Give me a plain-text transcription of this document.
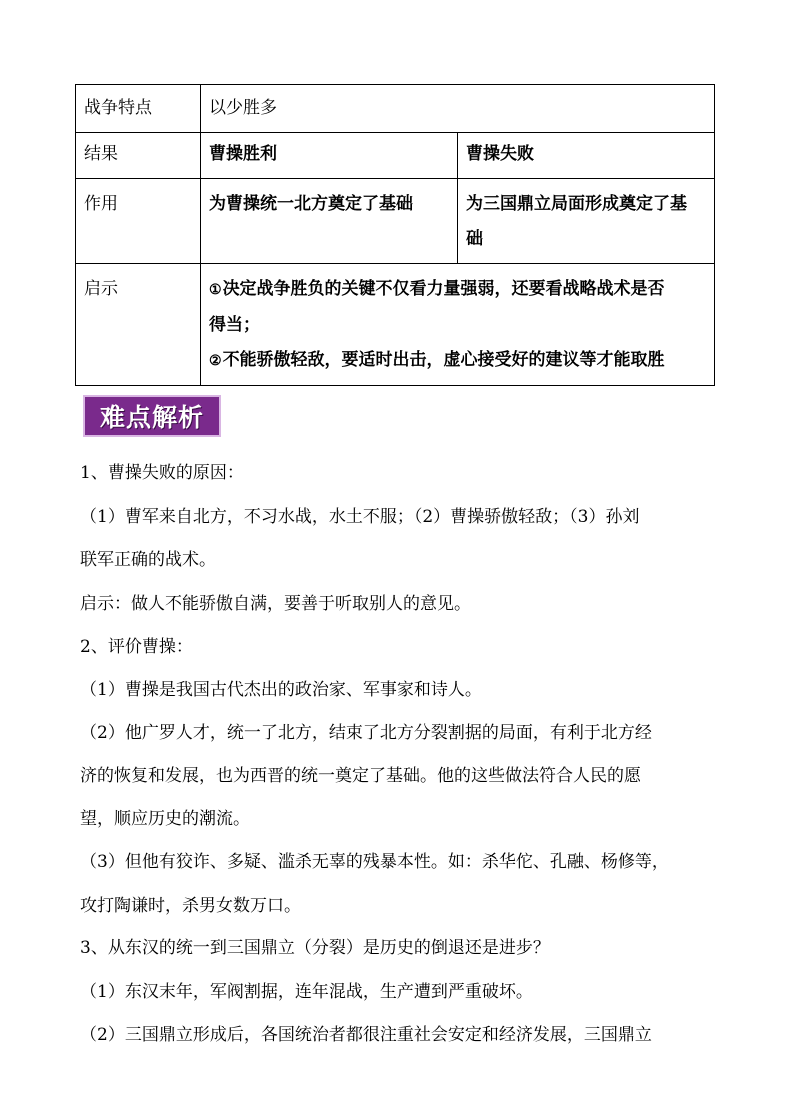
战争特点	以少胜多	
结果	曹操胜利	曹操失败
作用	为曹操统一北方奠定了基础	为三国鼎立局面形成奠定了基
础
启示	①决定战争胜负的关键不仅看力量强弱，还要看战略战术是否
得当；
②不能骄傲轻敌，要适时出击，虚心接受好的建议等才能取胜	
难点解析
1、曹操失败的原因：
（1）曹军来自北方，不习水战，水土不服；（2）曹操骄傲轻敌；（3）孙刘
联军正确的战术。
启示：做人不能骄傲自满，要善于听取别人的意见。
2、评价曹操：
（1）曹操是我国古代杰出的政治家、军事家和诗人。
（2）他广罗人才，统一了北方，结束了北方分裂割据的局面，有利于北方经
济的恢复和发展，也为西晋的统一奠定了基础。他的这些做法符合人民的愿
望，顺应历史的潮流。
（3）但他有狡诈、多疑、滥杀无辜的残暴本性。如：杀华佗、孔融、杨修等，
攻打陶谦时，杀男女数万口。
3、从东汉的统一到三国鼎立（分裂）是历史的倒退还是进步？
（1）东汉末年，军阀割据，连年混战，生产遭到严重破坏。
（2）三国鼎立形成后，各国统治者都很注重社会安定和经济发展，三国鼎立
